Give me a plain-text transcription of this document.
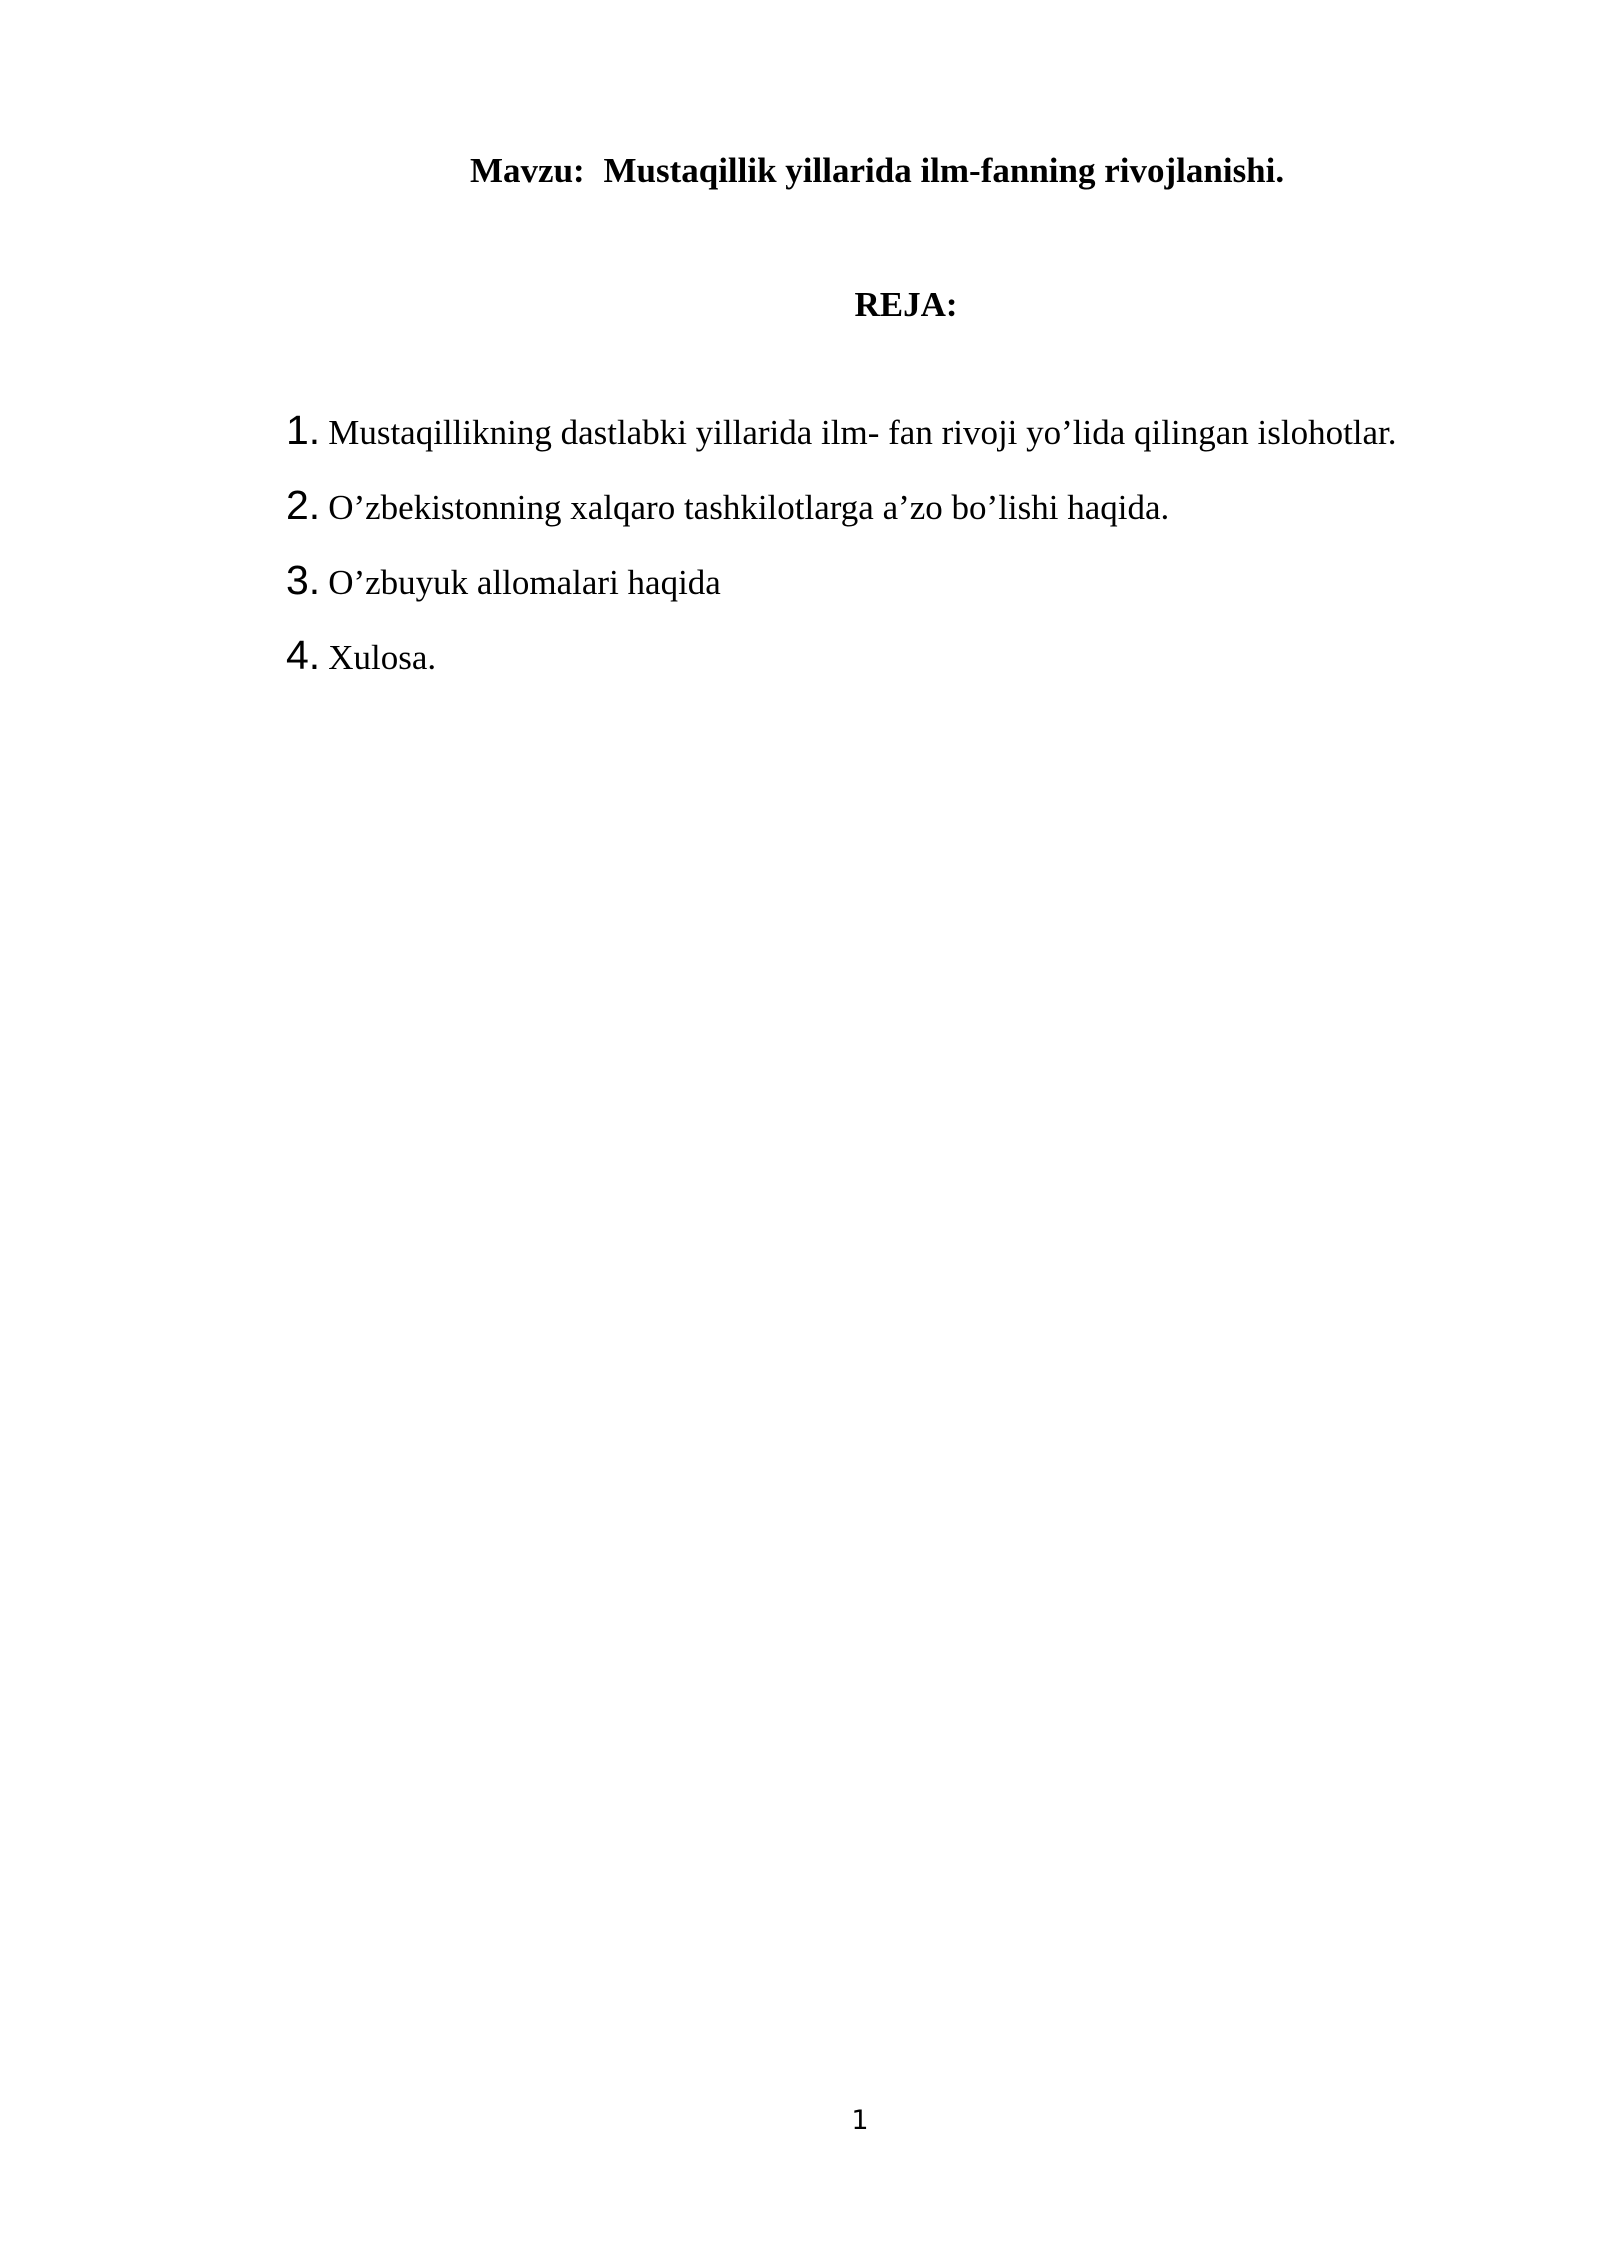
Mavzu: Mustaqillik yillarida ilm-fanning rivojlanishi.
REJA:
1. Mustaqillikning dastlabki yillarida ilm- fan rivoji yo’lida qilingan islohotlar.
2. O’zbekistonning xalqaro tashkilotlarga a’zo bo’lishi haqida.
3. O’zbuyuk allomalari haqida
4. Xulosa.
1
